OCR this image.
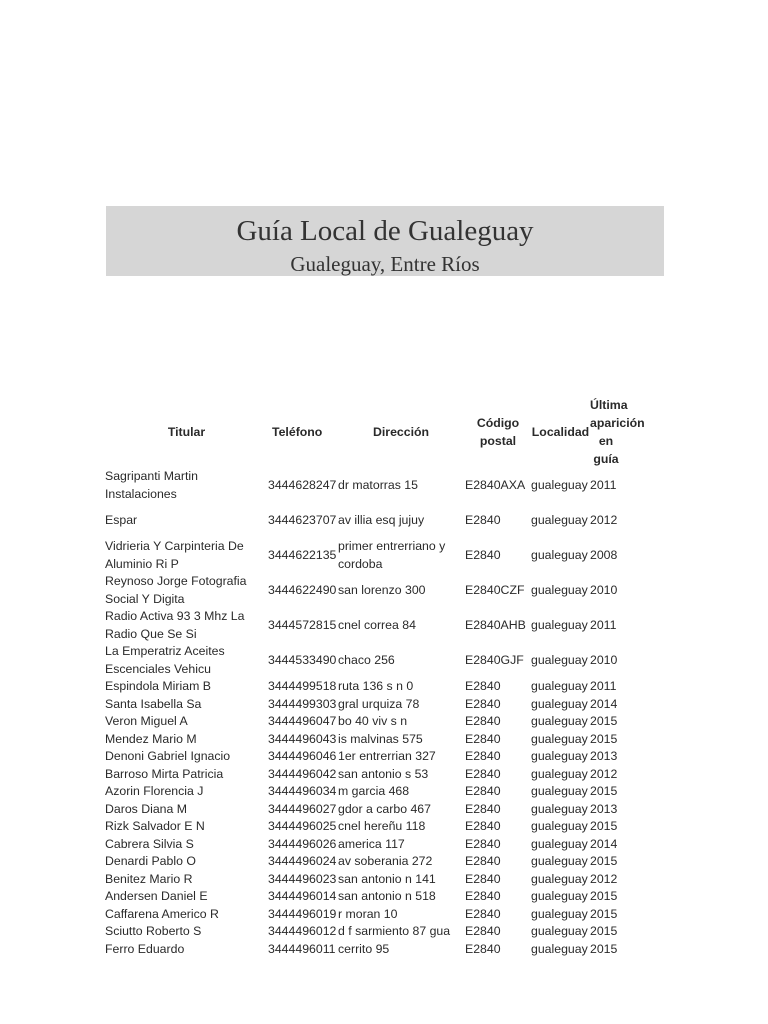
Guía Local de Gualeguay
Gualeguay, Entre Ríos
Titular	Teléfono	Dirección	Código postal	Localidad	Última aparición en guía
Sagripanti Martin Instalaciones	3444628247	dr matorras 15	E2840AXA	gualeguay	2011
Espar	3444623707	av illia esq jujuy	E2840	gualeguay	2012
Vidrieria Y Carpinteria De Aluminio Ri P	3444622135	primer entrerriano y cordoba	E2840	gualeguay	2008
Reynoso Jorge Fotografia Social Y Digita	3444622490	san lorenzo 300	E2840CZF	gualeguay	2010
Radio Activa 93 3 Mhz La Radio Que Se Si	3444572815	cnel correa 84	E2840AHB	gualeguay	2011
La Emperatriz Aceites Escenciales Vehicu	3444533490	chaco 256	E2840GJF	gualeguay	2010
Espindola Miriam B	3444499518	ruta 136 s n 0	E2840	gualeguay	2011
Santa Isabella Sa	3444499303	gral urquiza 78	E2840	gualeguay	2014
Veron Miguel A	3444496047	bo 40 viv s n	E2840	gualeguay	2015
Mendez Mario M	3444496043	is malvinas 575	E2840	gualeguay	2015
Denoni Gabriel Ignacio	3444496046	1er entrerrian 327	E2840	gualeguay	2013
Barroso Mirta Patricia	3444496042	san antonio s 53	E2840	gualeguay	2012
Azorin Florencia J	3444496034	m garcia 468	E2840	gualeguay	2015
Daros Diana M	3444496027	gdor a carbo 467	E2840	gualeguay	2013
Rizk Salvador E N	3444496025	cnel hereñu 118	E2840	gualeguay	2015
Cabrera Silvia S	3444496026	america 117	E2840	gualeguay	2014
Denardi Pablo O	3444496024	av soberania 272	E2840	gualeguay	2015
Benitez Mario R	3444496023	san antonio n 141	E2840	gualeguay	2012
Andersen Daniel E	3444496014	san antonio n 518	E2840	gualeguay	2015
Caffarena Americo R	3444496019	r moran 10	E2840	gualeguay	2015
Sciutto Roberto S	3444496012	d f sarmiento 87 gua	E2840	gualeguay	2015
Ferro Eduardo	3444496011	cerrito 95	E2840	gualeguay	2015
